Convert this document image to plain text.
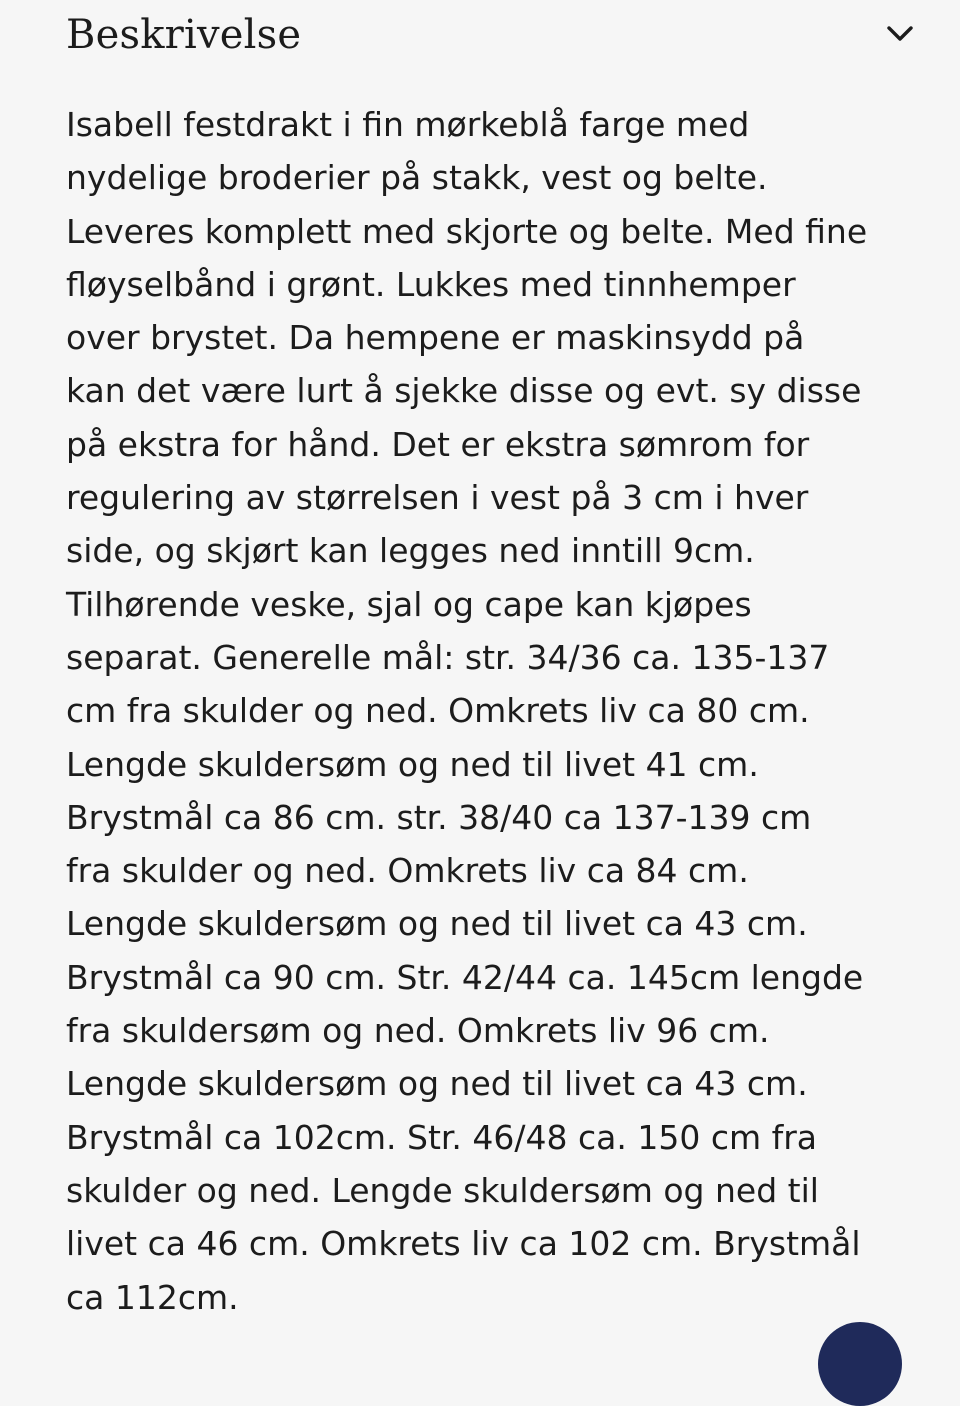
Beskrivelse
Isabell festdrakt i fin mørkeblå farge med
nydelige broderier på stakk, vest og belte.
Leveres komplett med skjorte og belte. Med fine
fløyselbånd i grønt. Lukkes med tinnhemper
over brystet. Da hempene er maskinsydd på
kan det være lurt å sjekke disse og evt. sy disse
på ekstra for hånd. Det er ekstra sømrom for
regulering av størrelsen i vest på 3 cm i hver
side, og skjørt kan legges ned inntill 9cm.
Tilhørende veske, sjal og cape kan kjøpes
separat. Generelle mål: str. 34/36 ca. 135-137
cm fra skulder og ned. Omkrets liv ca 80 cm.
Lengde skuldersøm og ned til livet 41 cm.
Brystmål ca 86 cm. str. 38/40 ca 137-139 cm
fra skulder og ned. Omkrets liv ca 84 cm.
Lengde skuldersøm og ned til livet ca 43 cm.
Brystmål ca 90 cm. Str. 42/44 ca. 145cm lengde
fra skuldersøm og ned. Omkrets liv 96 cm.
Lengde skuldersøm og ned til livet ca 43 cm.
Brystmål ca 102cm. Str. 46/48 ca. 150 cm fra
skulder og ned. Lengde skuldersøm og ned til
livet ca 46 cm. Omkrets liv ca 102 cm. Brystmål
ca 112cm.
